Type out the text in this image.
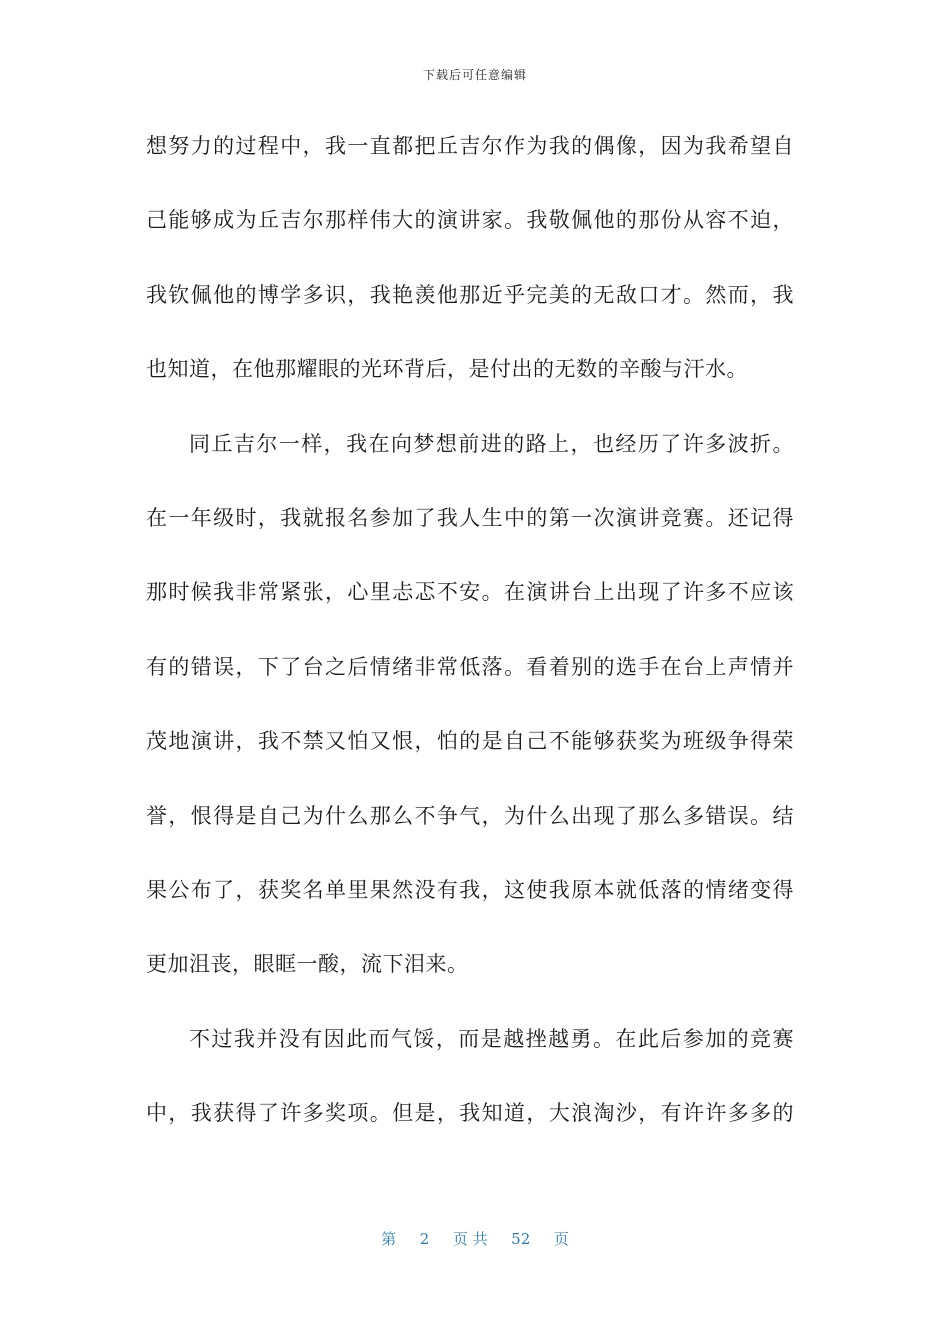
下载后可任意编辑
想努力的过程中，我一直都把丘吉尔作为我的偶像，因为我希望自
己能够成为丘吉尔那样伟大的演讲家。我敬佩他的那份从容不迫，
我钦佩他的博学多识，我艳羡他那近乎完美的无敌口才。然而，我
也知道，在他那耀眼的光环背后，是付出的无数的辛酸与汗水。
同丘吉尔一样，我在向梦想前进的路上，也经历了许多波折。
在一年级时，我就报名参加了我人生中的第一次演讲竞赛。还记得
那时候我非常紧张，心里忐忑不安。在演讲台上出现了许多不应该
有的错误，下了台之后情绪非常低落。看着别的选手在台上声情并
茂地演讲，我不禁又怕又恨，怕的是自己不能够获奖为班级争得荣
誉，恨得是自己为什么那么不争气，为什么出现了那么多错误。结
果公布了，获奖名单里果然没有我，这使我原本就低落的情绪变得
更加沮丧，眼眶一酸，流下泪来。
不过我并没有因此而气馁，而是越挫越勇。在此后参加的竞赛
中，我获得了许多奖项。但是，我知道，大浪淘沙，有许许多多的
第 2 页 共 52 页
